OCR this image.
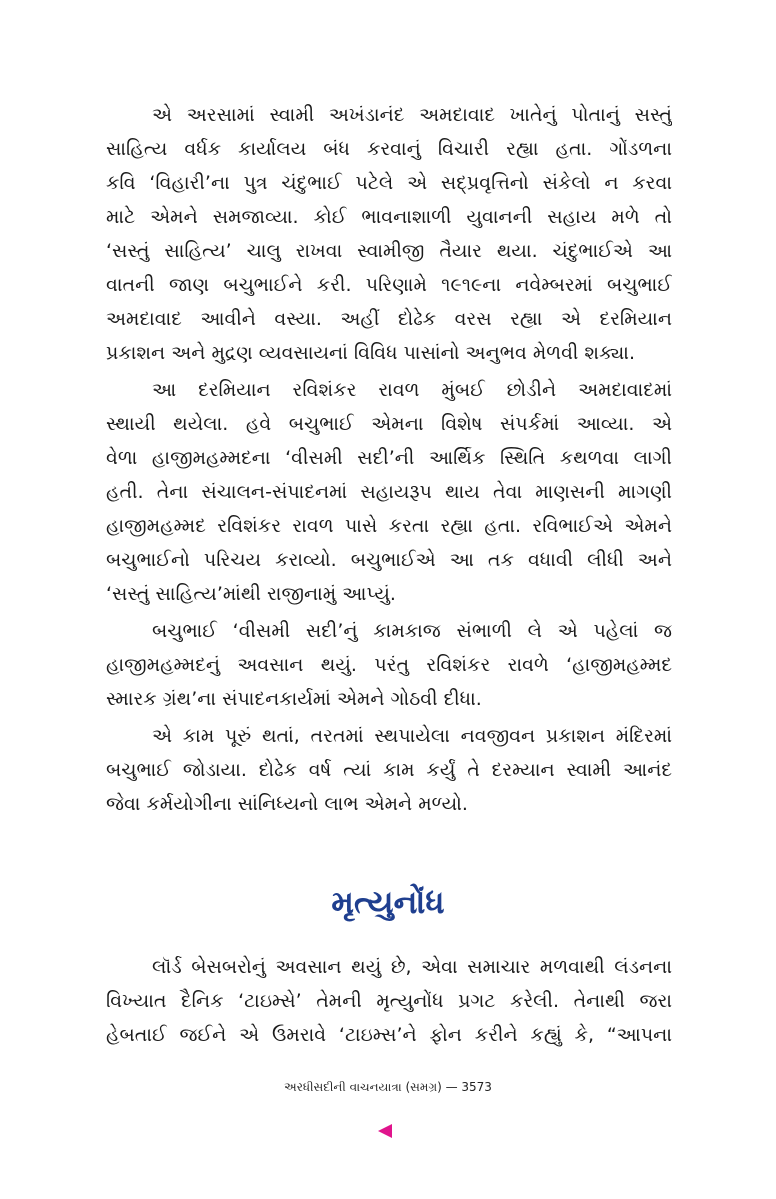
એ અરસામાં સ્વામી અખંડાનંદ અમદાવાદ ખાતેનું પોતાનું સસ્તું
સાહિત્ય વર્ધક કાર્યાલય બંધ કરવાનું વિચારી રહ્યા હતા. ગોંડળના
કવિ ‘વિહારી’ના પુત્ર ચંદુભાઈ પટેલે એ સદ્પ્રવૃત્તિનો સંકેલો ન કરવા
માટે એમને સમજાવ્યા. કોઈ ભાવનાશાળી યુવાનની સહાય મળે તો
‘સસ્તું સાહિત્ય’ ચાલુ રાખવા સ્વામીજી તૈયાર થયા. ચંદુભાઈએ આ
વાતની જાણ બચુભાઈને કરી. પરિણામે ૧૯૧૯ના નવેમ્બરમાં બચુભાઈ
અમદાવાદ આવીને વસ્યા. અહીં દોઢેક વરસ રહ્યા એ દરમિયાન
પ્રકાશન અને મુદ્રણ વ્યવસાયનાં વિવિધ પાસાંનો અનુભવ મેળવી શક્યા.
આ દરમિયાન રવિશંકર રાવળ મુંબઈ છોડીને અમદાવાદમાં
સ્થાયી થયેલા. હવે બચુભાઈ એમના વિશેષ સંપર્કમાં આવ્યા. એ
વેળા હાજીમહમ્મદના ‘વીસમી સદી’ની આર્થિક સ્થિતિ કથળવા લાગી
હતી. તેના સંચાલન-સંપાદનમાં સહાયરૂપ થાય તેવા માણસની માગણી
હાજીમહમ્મદ રવિશંકર રાવળ પાસે કરતા રહ્યા હતા. રવિભાઈએ એમને
બચુભાઈનો પરિચય કરાવ્યો. બચુભાઈએ આ તક વધાવી લીધી અને
‘સસ્તું સાહિત્ય’માંથી રાજીનામું આપ્યું.
બચુભાઈ ‘વીસમી સદી’નું કામકાજ સંભાળી લે એ પહેલાં જ
હાજીમહમ્મદનું અવસાન થયું. પરંતુ રવિશંકર રાવળે ‘હાજીમહમ્મદ
સ્મારક ગ્રંથ’ના સંપાદનકાર્યમાં એમને ગોઠવી દીધા.
એ કામ પૂરું થતાં, તરતમાં સ્થપાયેલા નવજીવન પ્રકાશન મંદિરમાં
બચુભાઈ જોડાયા. દોઢેક વર્ષ ત્યાં કામ કર્યું તે દરમ્યાન સ્વામી આનંદ
જેવા કર્મયોગીના સાંનિધ્યનો લાભ એમને મળ્યો.
મૃત્યુનોંધ
લૉર્ડ બેસબરોનું અવસાન થયું છે, એવા સમાચાર મળવાથી લંડનના
વિખ્યાત દૈનિક ‘ટાઇમ્સે’ તેમની મૃત્યુનોંધ પ્રગટ કરેલી. તેનાથી જરા
હેબતાઈ જઈને એ ઉમરાવે ‘ટાઇમ્સ’ને ફોન કરીને કહ્યું કે, “આપના
અરધીસદીની વાચનયાત્રા (સમગ્ર) — 3573
